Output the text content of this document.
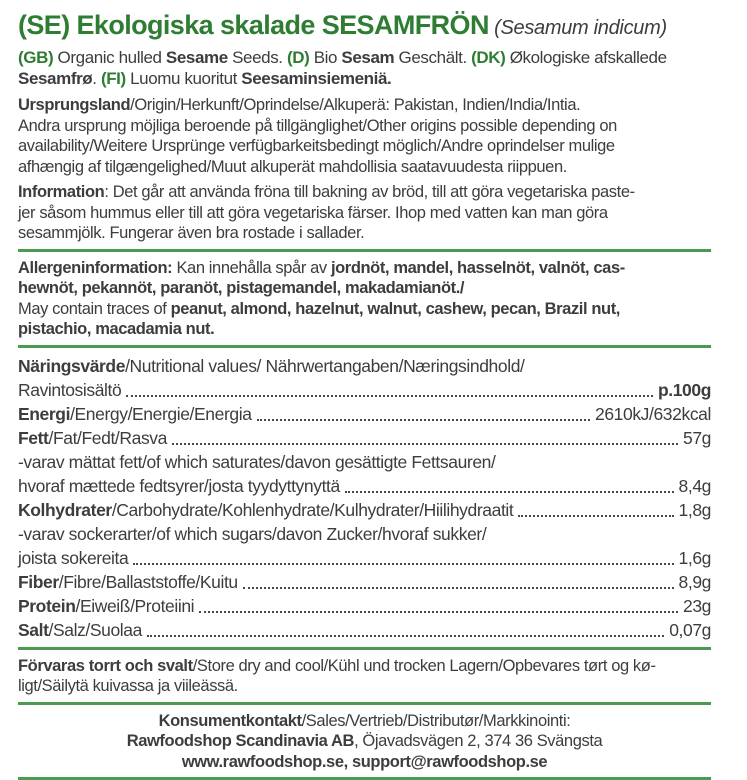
(SE) Ekologiska skalade SESAMFRÖN (Sesamum indicum)
(GB) Organic hulled Sesame Seeds. (D) Bio Sesam Geschält. (DK) Økologiske afskallede
Sesamfrø. (FI) Luomu kuoritut Seesaminsiemeniä.
Ursprungsland/Origin/Herkunft/Oprindelse/Alkuperä: Pakistan, Indien/India/Intia.
Andra ursprung möjliga beroende på tillgänglighet/Other origins possible depending on
availability/Weitere Ursprünge verfügbarkeitsbedingt möglich/Andre oprindelser mulige
afhængig af tilgængelighed/Muut alkuperät mahdollisia saatavuudesta riippuen.
Information: Det går att använda fröna till bakning av bröd, till att göra vegetariska paste-
jer såsom hummus eller till att göra vegetariska färser. Ihop med vatten kan man göra
sesammjölk. Fungerar även bra rostade i sallader.
Allergeninformation: Kan innehålla spår av jordnöt, mandel, hasselnöt, valnöt, cas-
hewnöt, pekannöt, paranöt, pistagemandel, makadamianöt./
May contain traces of peanut, almond, hazelnut, walnut, cashew, pecan, Brazil nut,
pistachio, macadamia nut.
Näringsvärde/Nutritional values/ Nährwertangaben/Næringsindhold/
Ravintosisältö	p.100g
Energi/Energy/Energie/Energia	2610kJ/632kcal
Fett/Fat/Fedt/Rasva	57g
-varav mättat fett/of which saturates/davon gesättigte Fettsauren/
hvoraf mættede fedtsyrer/josta tyydyttynyttä	8,4g
Kolhydrater/Carbohydrate/Kohlenhydrate/Kulhydrater/Hiilihydraatit	1,8g
-varav sockerarter/of which sugars/davon Zucker/hvoraf sukker/
joista sokereita	1,6g
Fiber/Fibre/Ballaststoffe/Kuitu	8,9g
Protein/Eiweiß/Proteiini	23g
Salt/Salz/Suolaa	0,07g
Förvaras torrt och svalt/Store dry and cool/Kühl und trocken Lagern/Opbevares tørt og kø-
ligt/Säilytä kuivassa ja viileässä.
Konsumentkontakt/Sales/Vertrieb/Distributør/Markkinointi:
Rawfoodshop Scandinavia AB, Öjavadsvägen 2, 374 36 Svängsta
www.rawfoodshop.se, support@rawfoodshop.se
